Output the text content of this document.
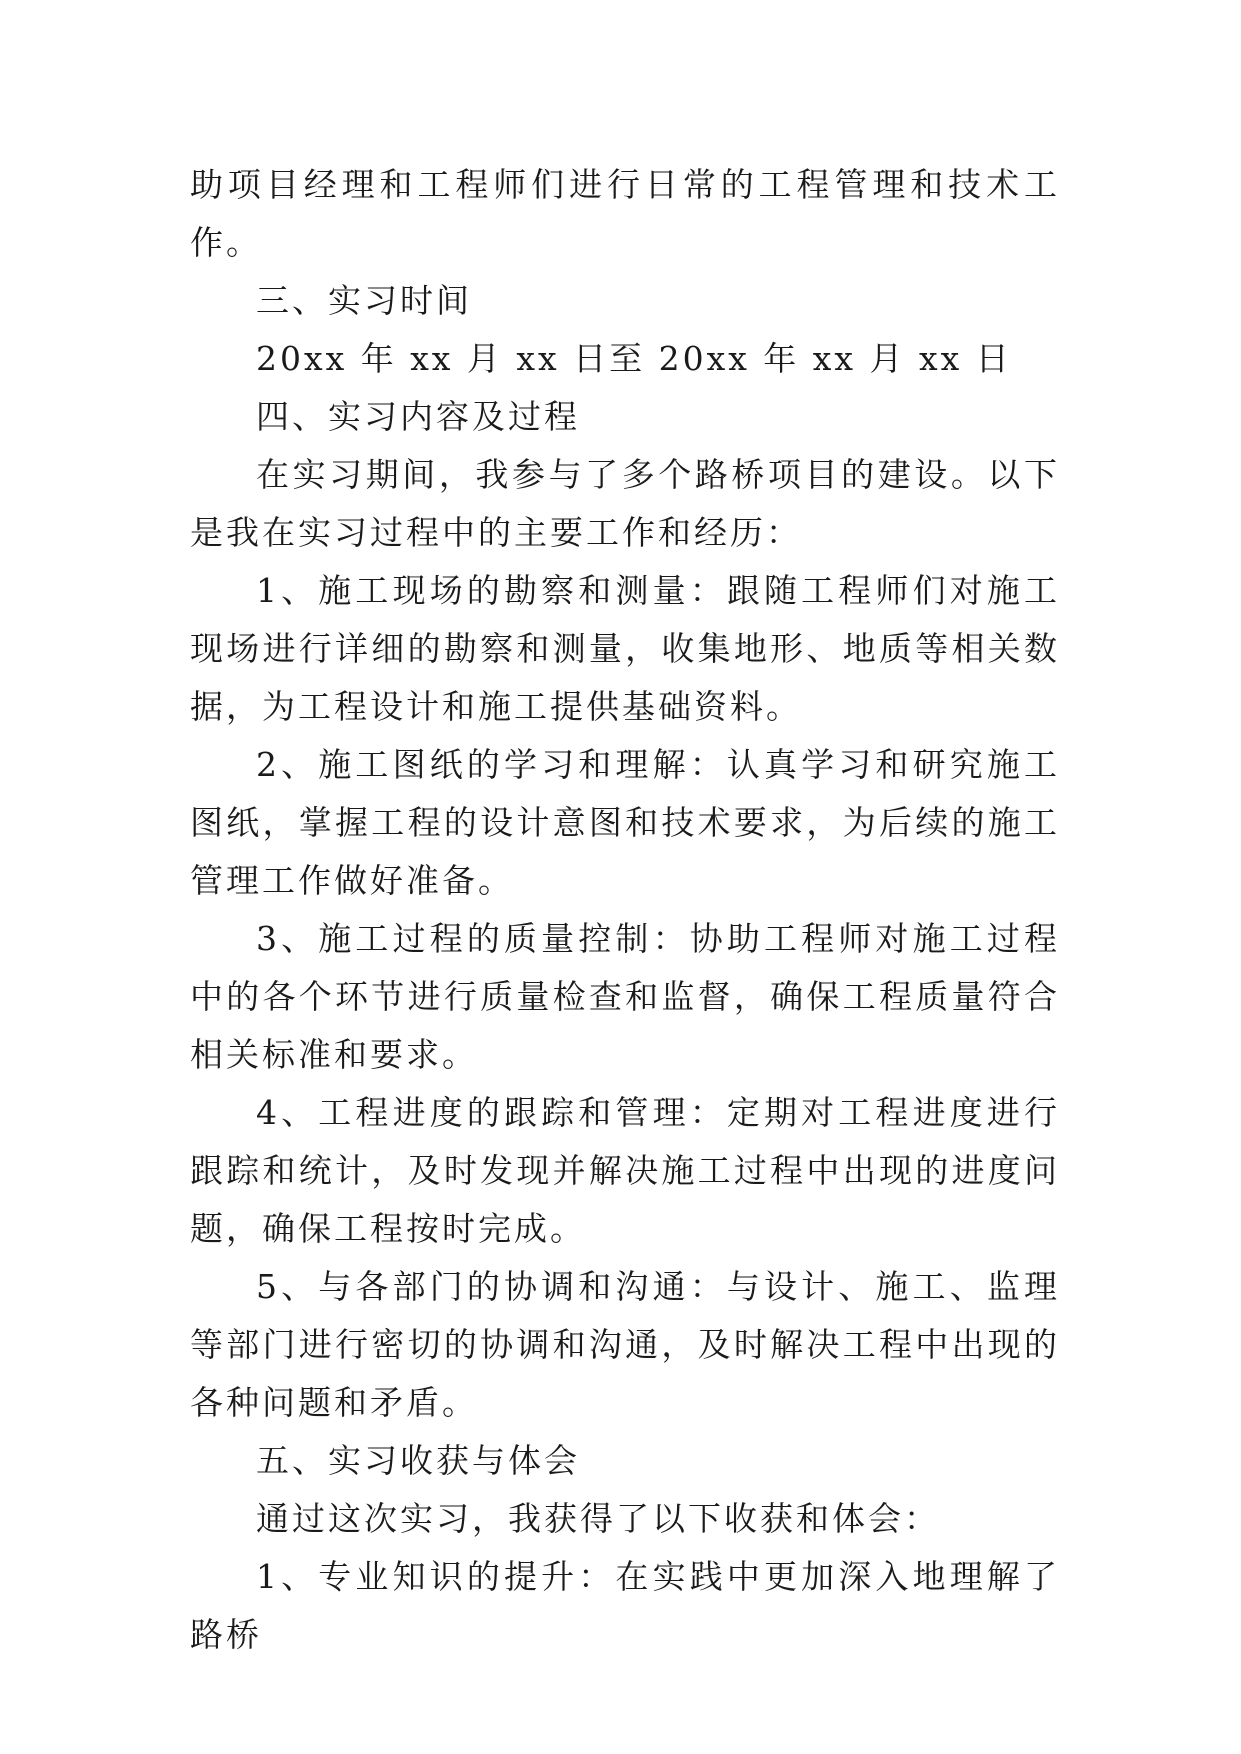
助项目经理和工程师们进行日常的工程管理和技术工作。

三、实习时间

20xx 年 xx 月 xx 日至 20xx 年 xx 月 xx 日

四、实习内容及过程

在实习期间，我参与了多个路桥项目的建设。以下是我在实习过程中的主要工作和经历：

1、施工现场的勘察和测量：跟随工程师们对施工现场进行详细的勘察和测量，收集地形、地质等相关数据，为工程设计和施工提供基础资料。

2、施工图纸的学习和理解：认真学习和研究施工图纸，掌握工程的设计意图和技术要求，为后续的施工管理工作做好准备。

3、施工过程的质量控制：协助工程师对施工过程中的各个环节进行质量检查和监督，确保工程质量符合相关标准和要求。

4、工程进度的跟踪和管理：定期对工程进度进行跟踪和统计，及时发现并解决施工过程中出现的进度问题，确保工程按时完成。

5、与各部门的协调和沟通：与设计、施工、监理等部门进行密切的协调和沟通，及时解决工程中出现的各种问题和矛盾。

五、实习收获与体会

通过这次实习，我获得了以下收获和体会：

1、专业知识的提升：在实践中更加深入地理解了路桥
